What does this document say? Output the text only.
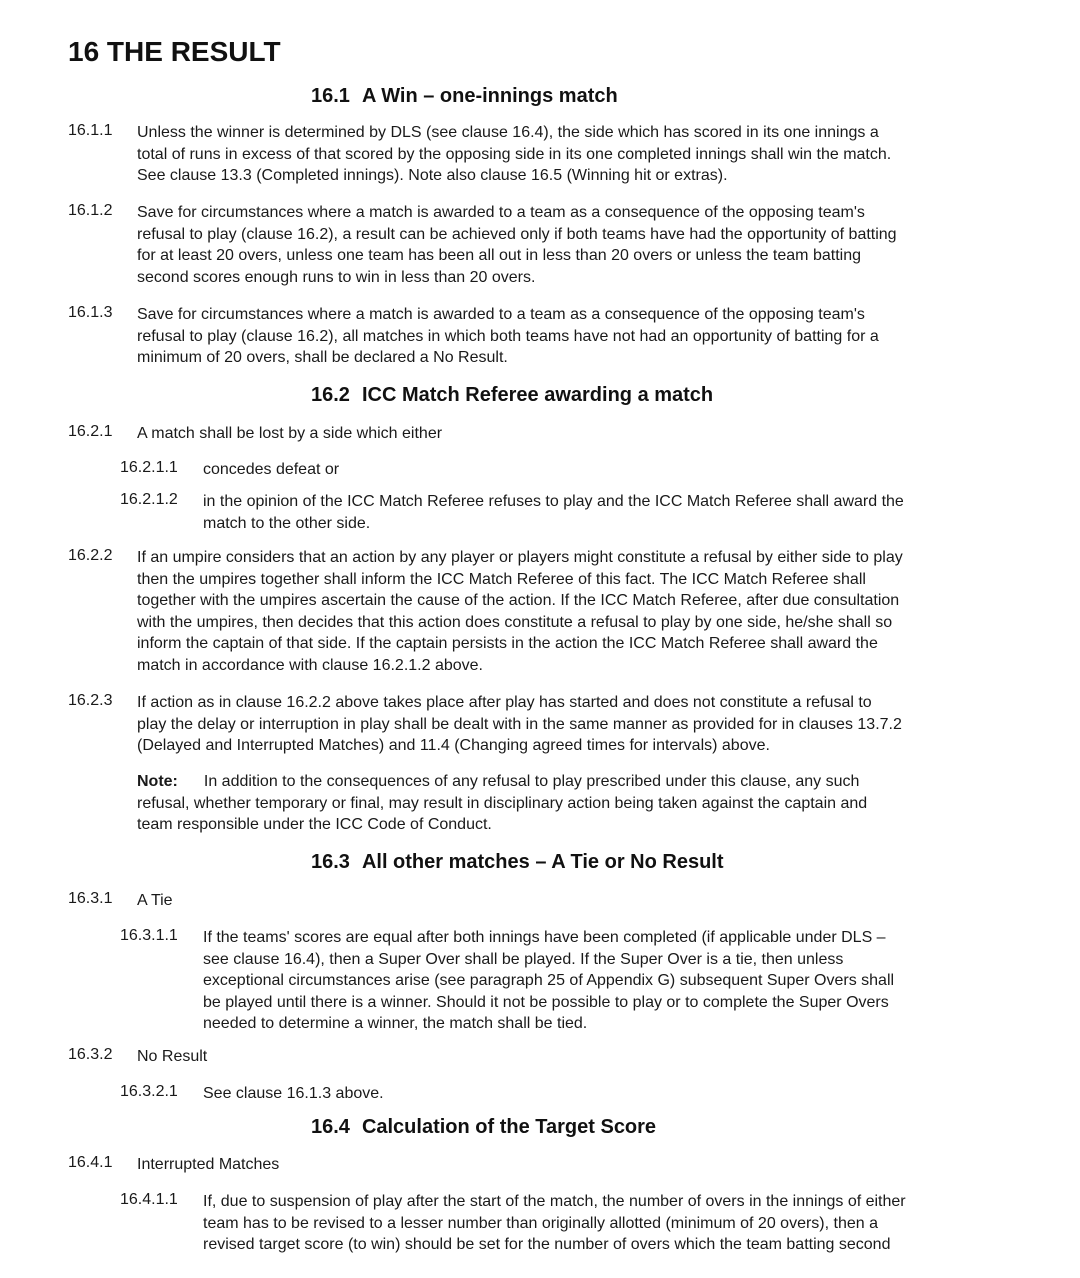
16 THE RESULT
16.1 A Win – one-innings match
16.1.1 Unless the winner is determined by DLS (see clause 16.4), the side which has scored in its one innings a
total of runs in excess of that scored by the opposing side in its one completed innings shall win the match.
See clause 13.3 (Completed innings). Note also clause 16.5 (Winning hit or extras).
16.1.2 Save for circumstances where a match is awarded to a team as a consequence of the opposing team's
refusal to play (clause 16.2), a result can be achieved only if both teams have had the opportunity of batting
for at least 20 overs, unless one team has been all out in less than 20 overs or unless the team batting
second scores enough runs to win in less than 20 overs.
16.1.3 Save for circumstances where a match is awarded to a team as a consequence of the opposing team's
refusal to play (clause 16.2), all matches in which both teams have not had an opportunity of batting for a
minimum of 20 overs, shall be declared a No Result.
16.2 ICC Match Referee awarding a match
16.2.1 A match shall be lost by a side which either
16.2.1.1 concedes defeat or
16.2.1.2 in the opinion of the ICC Match Referee refuses to play and the ICC Match Referee shall award the
match to the other side.
16.2.2 If an umpire considers that an action by any player or players might constitute a refusal by either side to play
then the umpires together shall inform the ICC Match Referee of this fact. The ICC Match Referee shall
together with the umpires ascertain the cause of the action. If the ICC Match Referee, after due consultation
with the umpires, then decides that this action does constitute a refusal to play by one side, he/she shall so
inform the captain of that side. If the captain persists in the action the ICC Match Referee shall award the
match in accordance with clause 16.2.1.2 above.
16.2.3 If action as in clause 16.2.2 above takes place after play has started and does not constitute a refusal to
play the delay or interruption in play shall be dealt with in the same manner as provided for in clauses 13.7.2
(Delayed and Interrupted Matches) and 11.4 (Changing agreed times for intervals) above.
Note: In addition to the consequences of any refusal to play prescribed under this clause, any such
refusal, whether temporary or final, may result in disciplinary action being taken against the captain and
team responsible under the ICC Code of Conduct.
16.3 All other matches – A Tie or No Result
16.3.1 A Tie
16.3.1.1 If the teams' scores are equal after both innings have been completed (if applicable under DLS –
see clause 16.4), then a Super Over shall be played. If the Super Over is a tie, then unless
exceptional circumstances arise (see paragraph 25 of Appendix G) subsequent Super Overs shall
be played until there is a winner. Should it not be possible to play or to complete the Super Overs
needed to determine a winner, the match shall be tied.
16.3.2 No Result
16.3.2.1 See clause 16.1.3 above.
16.4 Calculation of the Target Score
16.4.1 Interrupted Matches
16.4.1.1 If, due to suspension of play after the start of the match, the number of overs in the innings of either
team has to be revised to a lesser number than originally allotted (minimum of 20 overs), then a
revised target score (to win) should be set for the number of overs which the team batting second
